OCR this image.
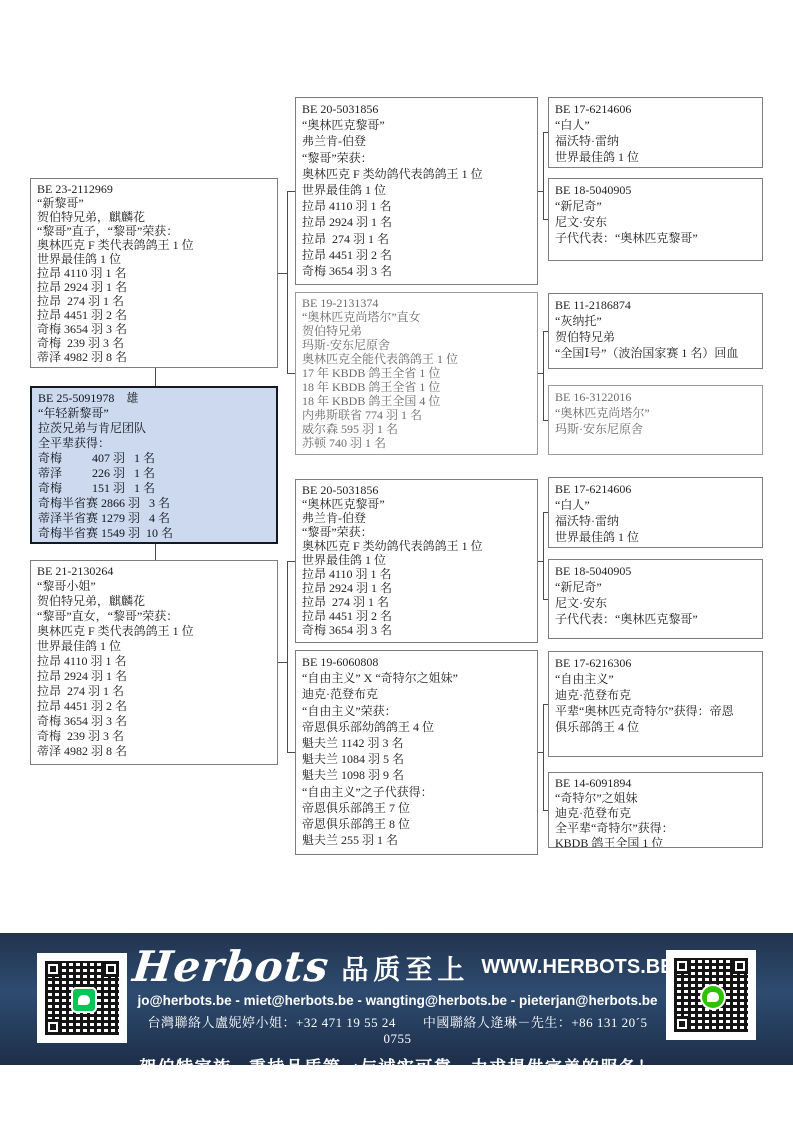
BE 23-2112969
“新黎哥”
贺伯特兄弟，麒麟花
“黎哥”直子，“黎哥”荣获：
奥林匹克 F 类代表鸽鸽王 1 位
世界最佳鸽 1 位
拉昂 4110 羽 1 名
拉昂 2924 羽 1 名
拉昂  274 羽 1 名
拉昂 4451 羽 2 名
奇梅 3654 羽 3 名
奇梅  239 羽 3 名
蒂泽 4982 羽 8 名
BE 25-5091978    雄
“年轻新黎哥”
拉茨兄弟与肯尼团队
全平辈获得：
奇梅          407 羽   1 名
蒂泽          226 羽   1 名
奇梅          151 羽   1 名
奇梅半省赛 2866 羽   3 名
蒂泽半省赛 1279 羽   4 名
奇梅半省赛 1549 羽  10 名
BE 21-2130264
“黎哥小姐”
贺伯特兄弟，麒麟花
“黎哥”直女，“黎哥”荣获：
奥林匹克 F 类代表鸽鸽王 1 位
世界最佳鸽 1 位
拉昂 4110 羽 1 名
拉昂 2924 羽 1 名
拉昂  274 羽 1 名
拉昂 4451 羽 2 名
奇梅 3654 羽 3 名
奇梅  239 羽 3 名
蒂泽 4982 羽 8 名
BE 20-5031856
“奥林匹克黎哥”
弗兰肯-伯登
“黎哥”荣获：
奥林匹克 F 类幼鸽代表鸽鸽王 1 位
世界最佳鸽 1 位
拉昂 4110 羽 1 名
拉昂 2924 羽 1 名
拉昂  274 羽 1 名
拉昂 4451 羽 2 名
奇梅 3654 羽 3 名
BE 19-2131374
“奥林匹克尚塔尔”直女
贺伯特兄弟
玛斯·安东尼原舍
奥林匹克全能代表鸽鸽王 1 位
17 年 KBDB 鸽王全省 1 位
18 年 KBDB 鸽王全省 1 位
18 年 KBDB 鸽王全国 4 位
内弗斯联省 774 羽 1 名
威尔森 595 羽 1 名
苏顿 740 羽 1 名
BE 20-5031856
“奥林匹克黎哥”
弗兰肯-伯登
“黎哥”荣获：
奥林匹克 F 类幼鸽代表鸽鸽王 1 位
世界最佳鸽 1 位
拉昂 4110 羽 1 名
拉昂 2924 羽 1 名
拉昂  274 羽 1 名
拉昂 4451 羽 2 名
奇梅 3654 羽 3 名
BE 19-6060808
“自由主义” X “奇特尔之姐妹”
迪克·范登布克
“自由主义”荣获：
帝恩俱乐部幼鸽鸽王 4 位
魁夫兰 1142 羽 3 名
魁夫兰 1084 羽 5 名
魁夫兰 1098 羽 9 名
“自由主义”之子代获得：
帝恩俱乐部鸽王 7 位
帝恩俱乐部鸽王 8 位
魁夫兰 255 羽 1 名
BE 17-6214606
“白人”
福沃特·雷纳
世界最佳鸽 1 位
BE 18-5040905
“新尼奇”
尼文·安东
子代代表：“奥林匹克黎哥”
BE 11-2186874
“灰纳托”
贺伯特兄弟
“全国Ⅰ号”（波治国家赛 1 名）回血
BE 16-3122016
“奥林匹克尚塔尔”
玛斯·安东尼原舍
BE 17-6214606
“白人”
福沃特·雷纳
世界最佳鸽 1 位
BE 18-5040905
“新尼奇”
尼文·安东
子代代表：“奥林匹克黎哥”
BE 17-6216306
“自由主义”
迪克·范登布克
平辈“奥林匹克奇特尔”获得：帝恩
俱乐部鸽王 4 位
BE 14-6091894
“奇特尔”之姐妹
迪克·范登布克
全平辈“奇特尔”获得：
KBDB 鸽王全国 1 位
Herbots 品质至上 WWW.HERBOTS.BE
jo@herbots.be - miet@herbots.be - wangting@herbots.be - pieterjan@herbots.be
台灣聯絡人盧妮婷小姐：+32 471 19 55 24　　中國聯絡人逄琳－先生：+86 131 20´5 0755
贺伯特家族...秉持品质第一与诚实可靠，力求提供完美的服务！
